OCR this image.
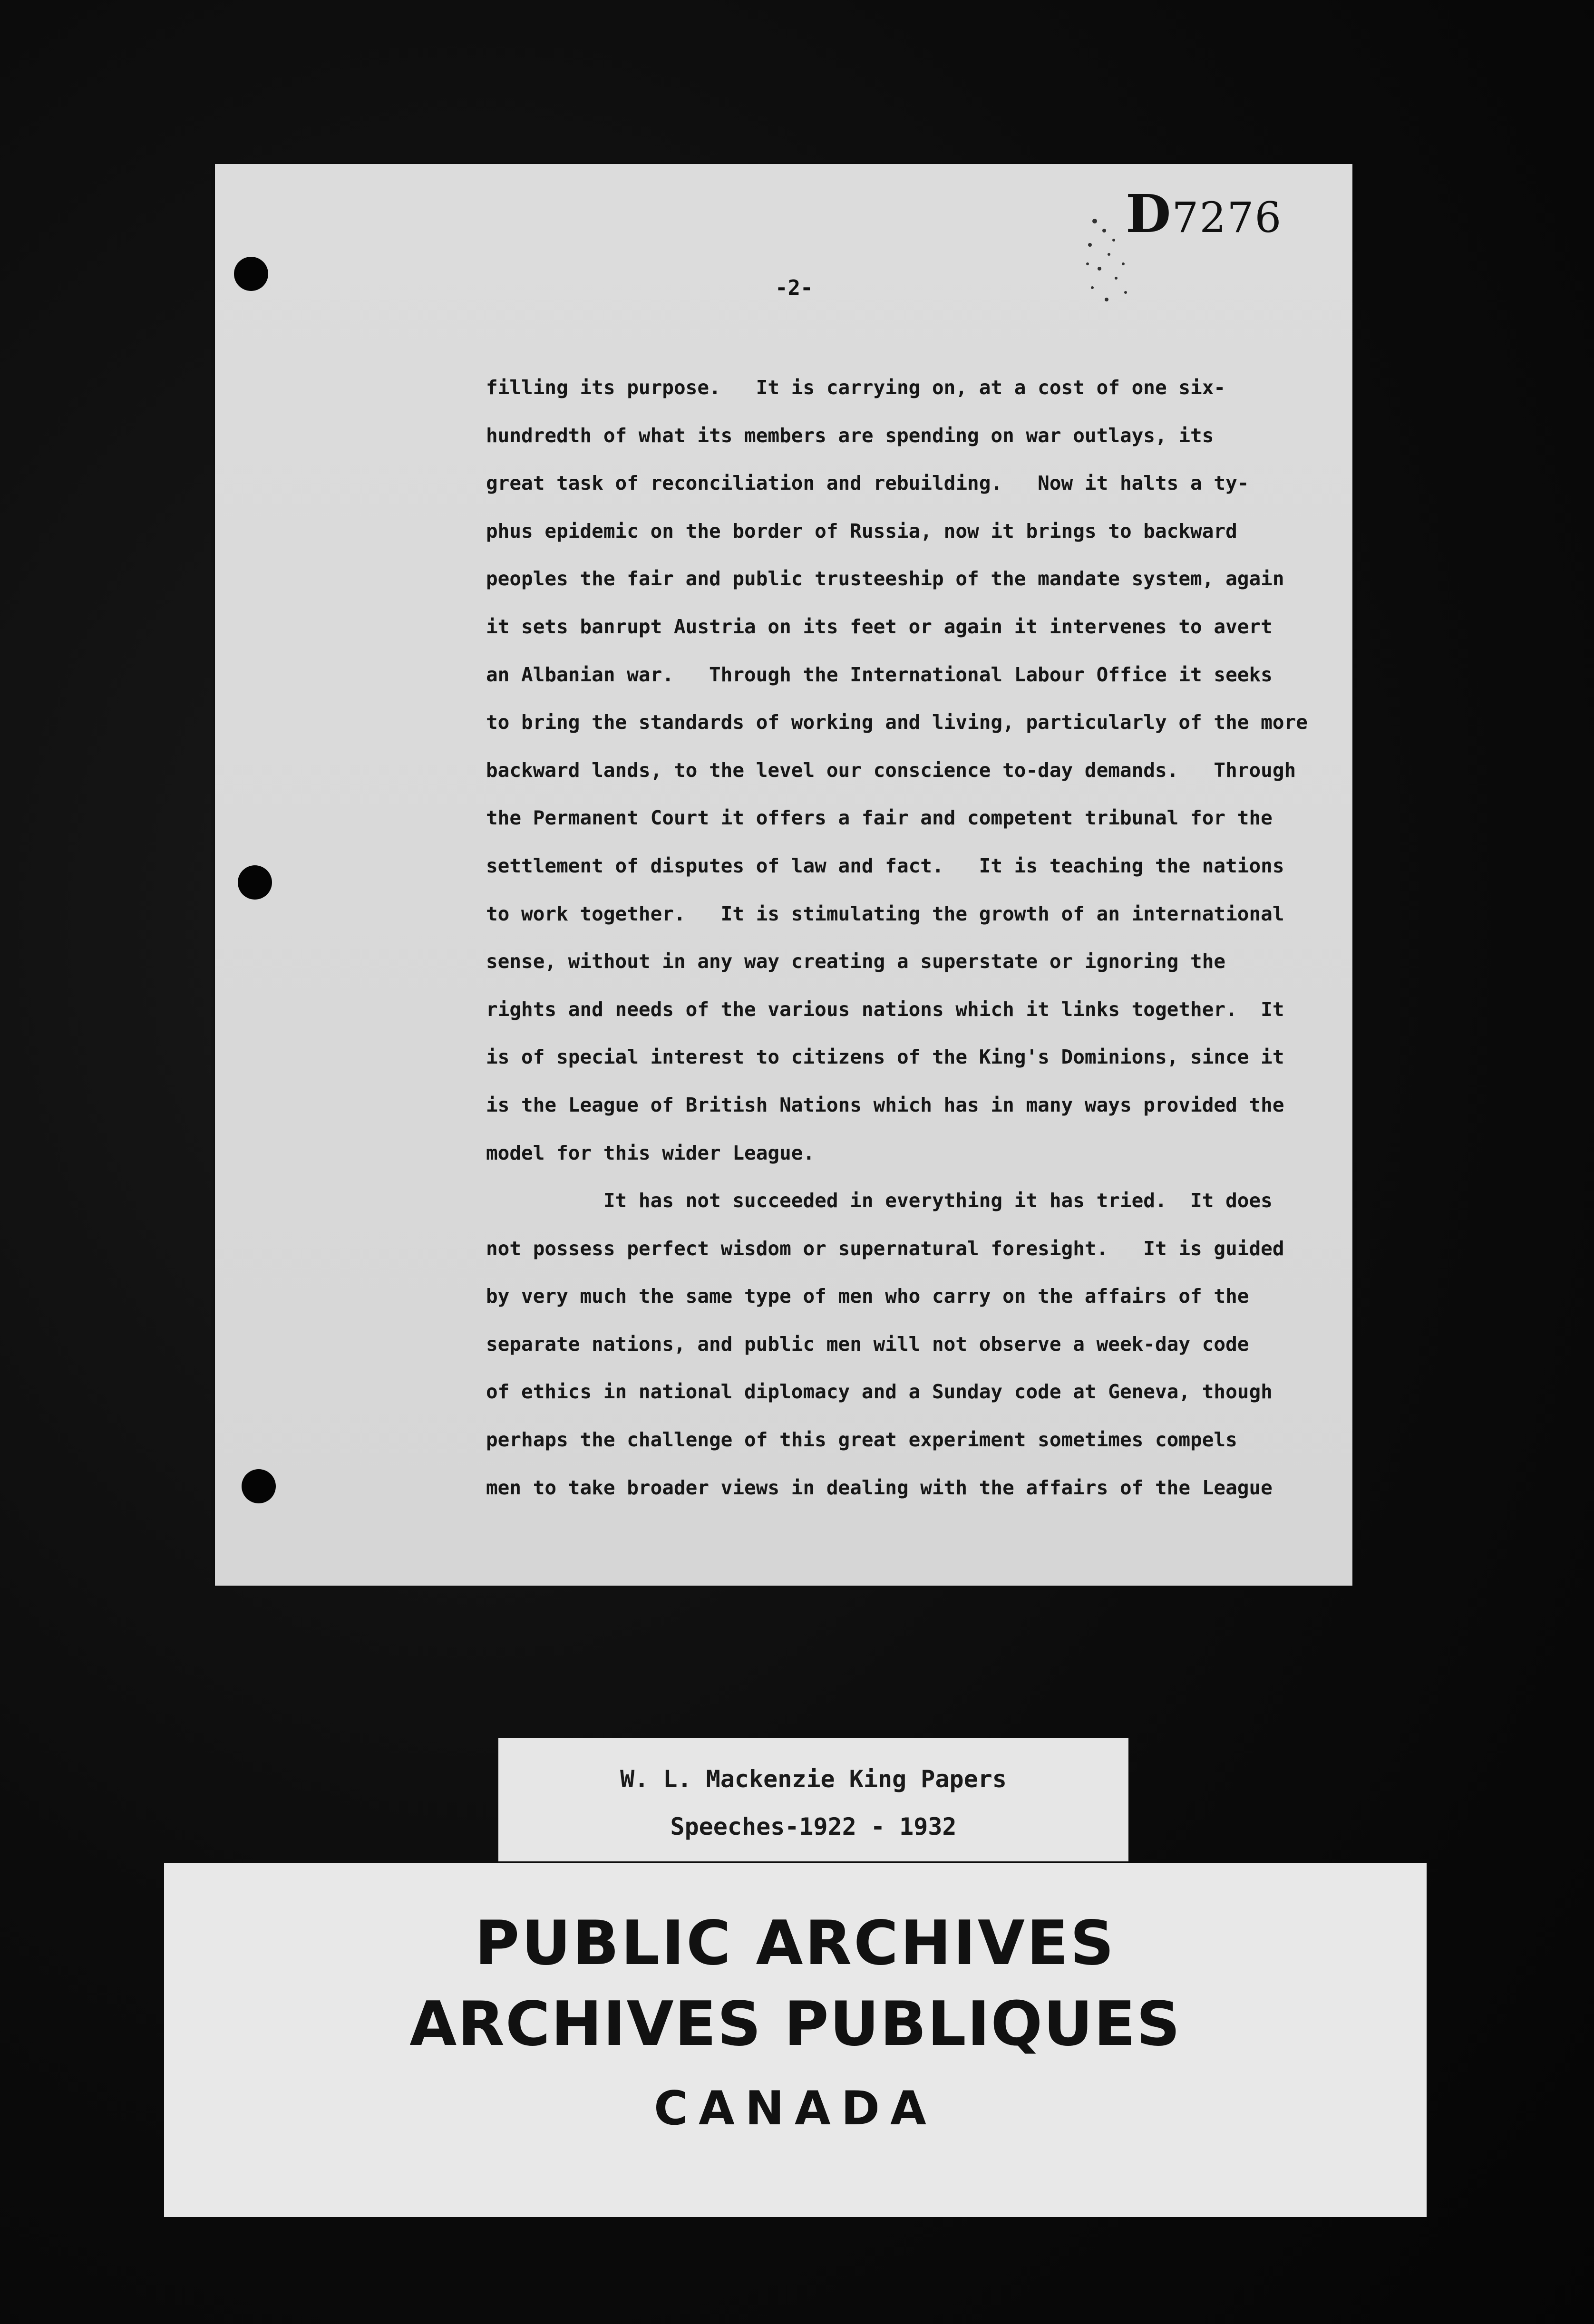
D7276
-2-
filling its purpose.   It is carrying on, at a cost of one six-
hundredth of what its members are spending on war outlays, its
great task of reconciliation and rebuilding.   Now it halts a ty-
phus epidemic on the border of Russia, now it brings to backward
peoples the fair and public trusteeship of the mandate system, again
it sets banrupt Austria on its feet or again it intervenes to avert
an Albanian war.   Through the International Labour Office it seeks
to bring the standards of working and living, particularly of the more
backward lands, to the level our conscience to-day demands.   Through
the Permanent Court it offers a fair and competent tribunal for the
settlement of disputes of law and fact.   It is teaching the nations
to work together.   It is stimulating the growth of an international
sense, without in any way creating a superstate or ignoring the
rights and needs of the various nations which it links together.  It
is of special interest to citizens of the King's Dominions, since it
is the League of British Nations which has in many ways provided the
model for this wider League.
It has not succeeded in everything it has tried.  It does
not possess perfect wisdom or supernatural foresight.   It is guided
by very much the same type of men who carry on the affairs of the
separate nations, and public men will not observe a week-day code
of ethics in national diplomacy and a Sunday code at Geneva, though
perhaps the challenge of this great experiment sometimes compels
men to take broader views in dealing with the affairs of the League
W. L. Mackenzie King Papers
Speeches-1922 - 1932
PUBLIC ARCHIVES
ARCHIVES PUBLIQUES
CANADA
